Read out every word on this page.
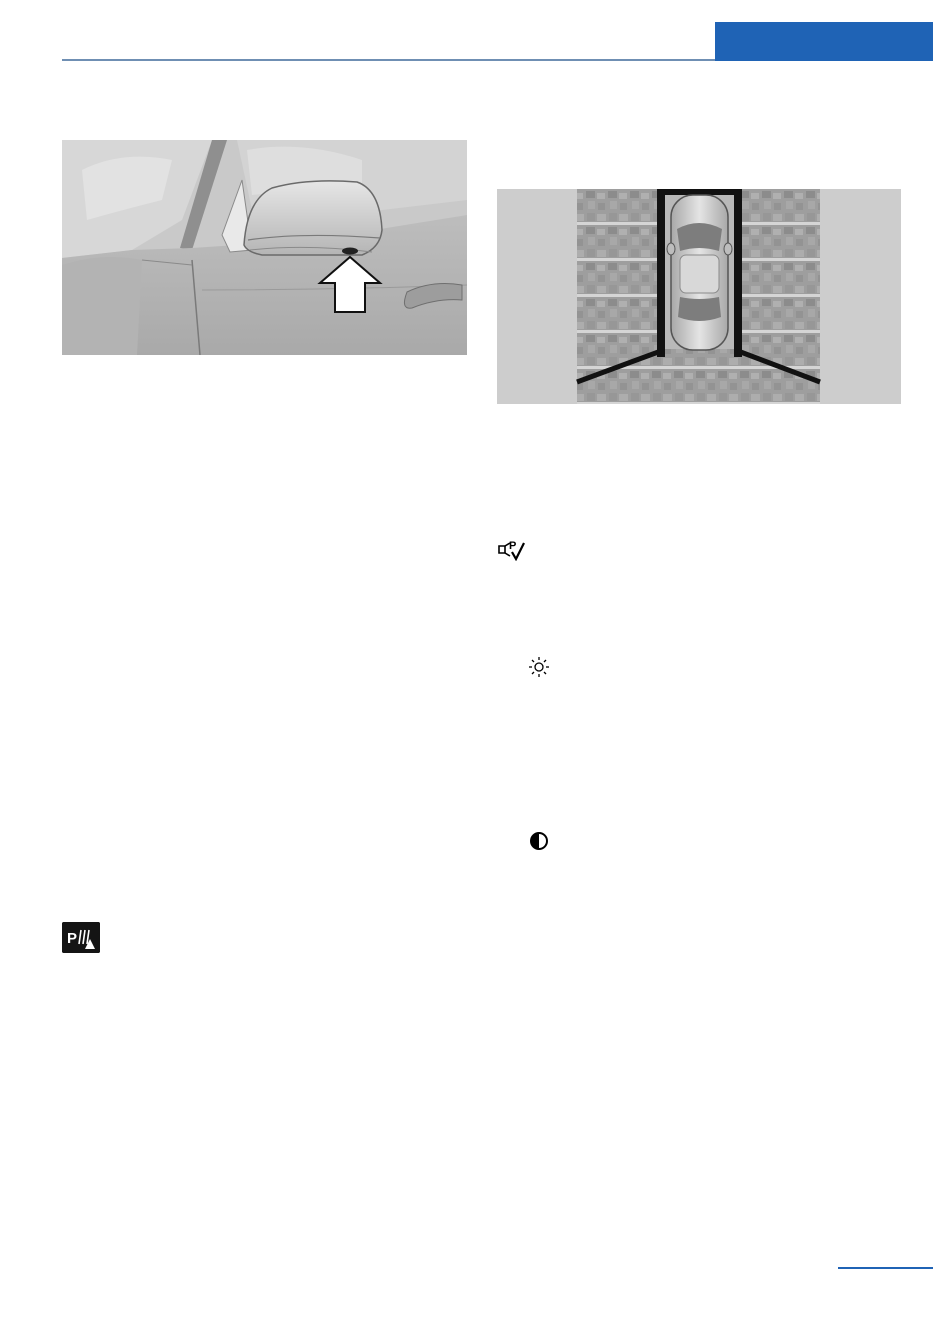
P
P
